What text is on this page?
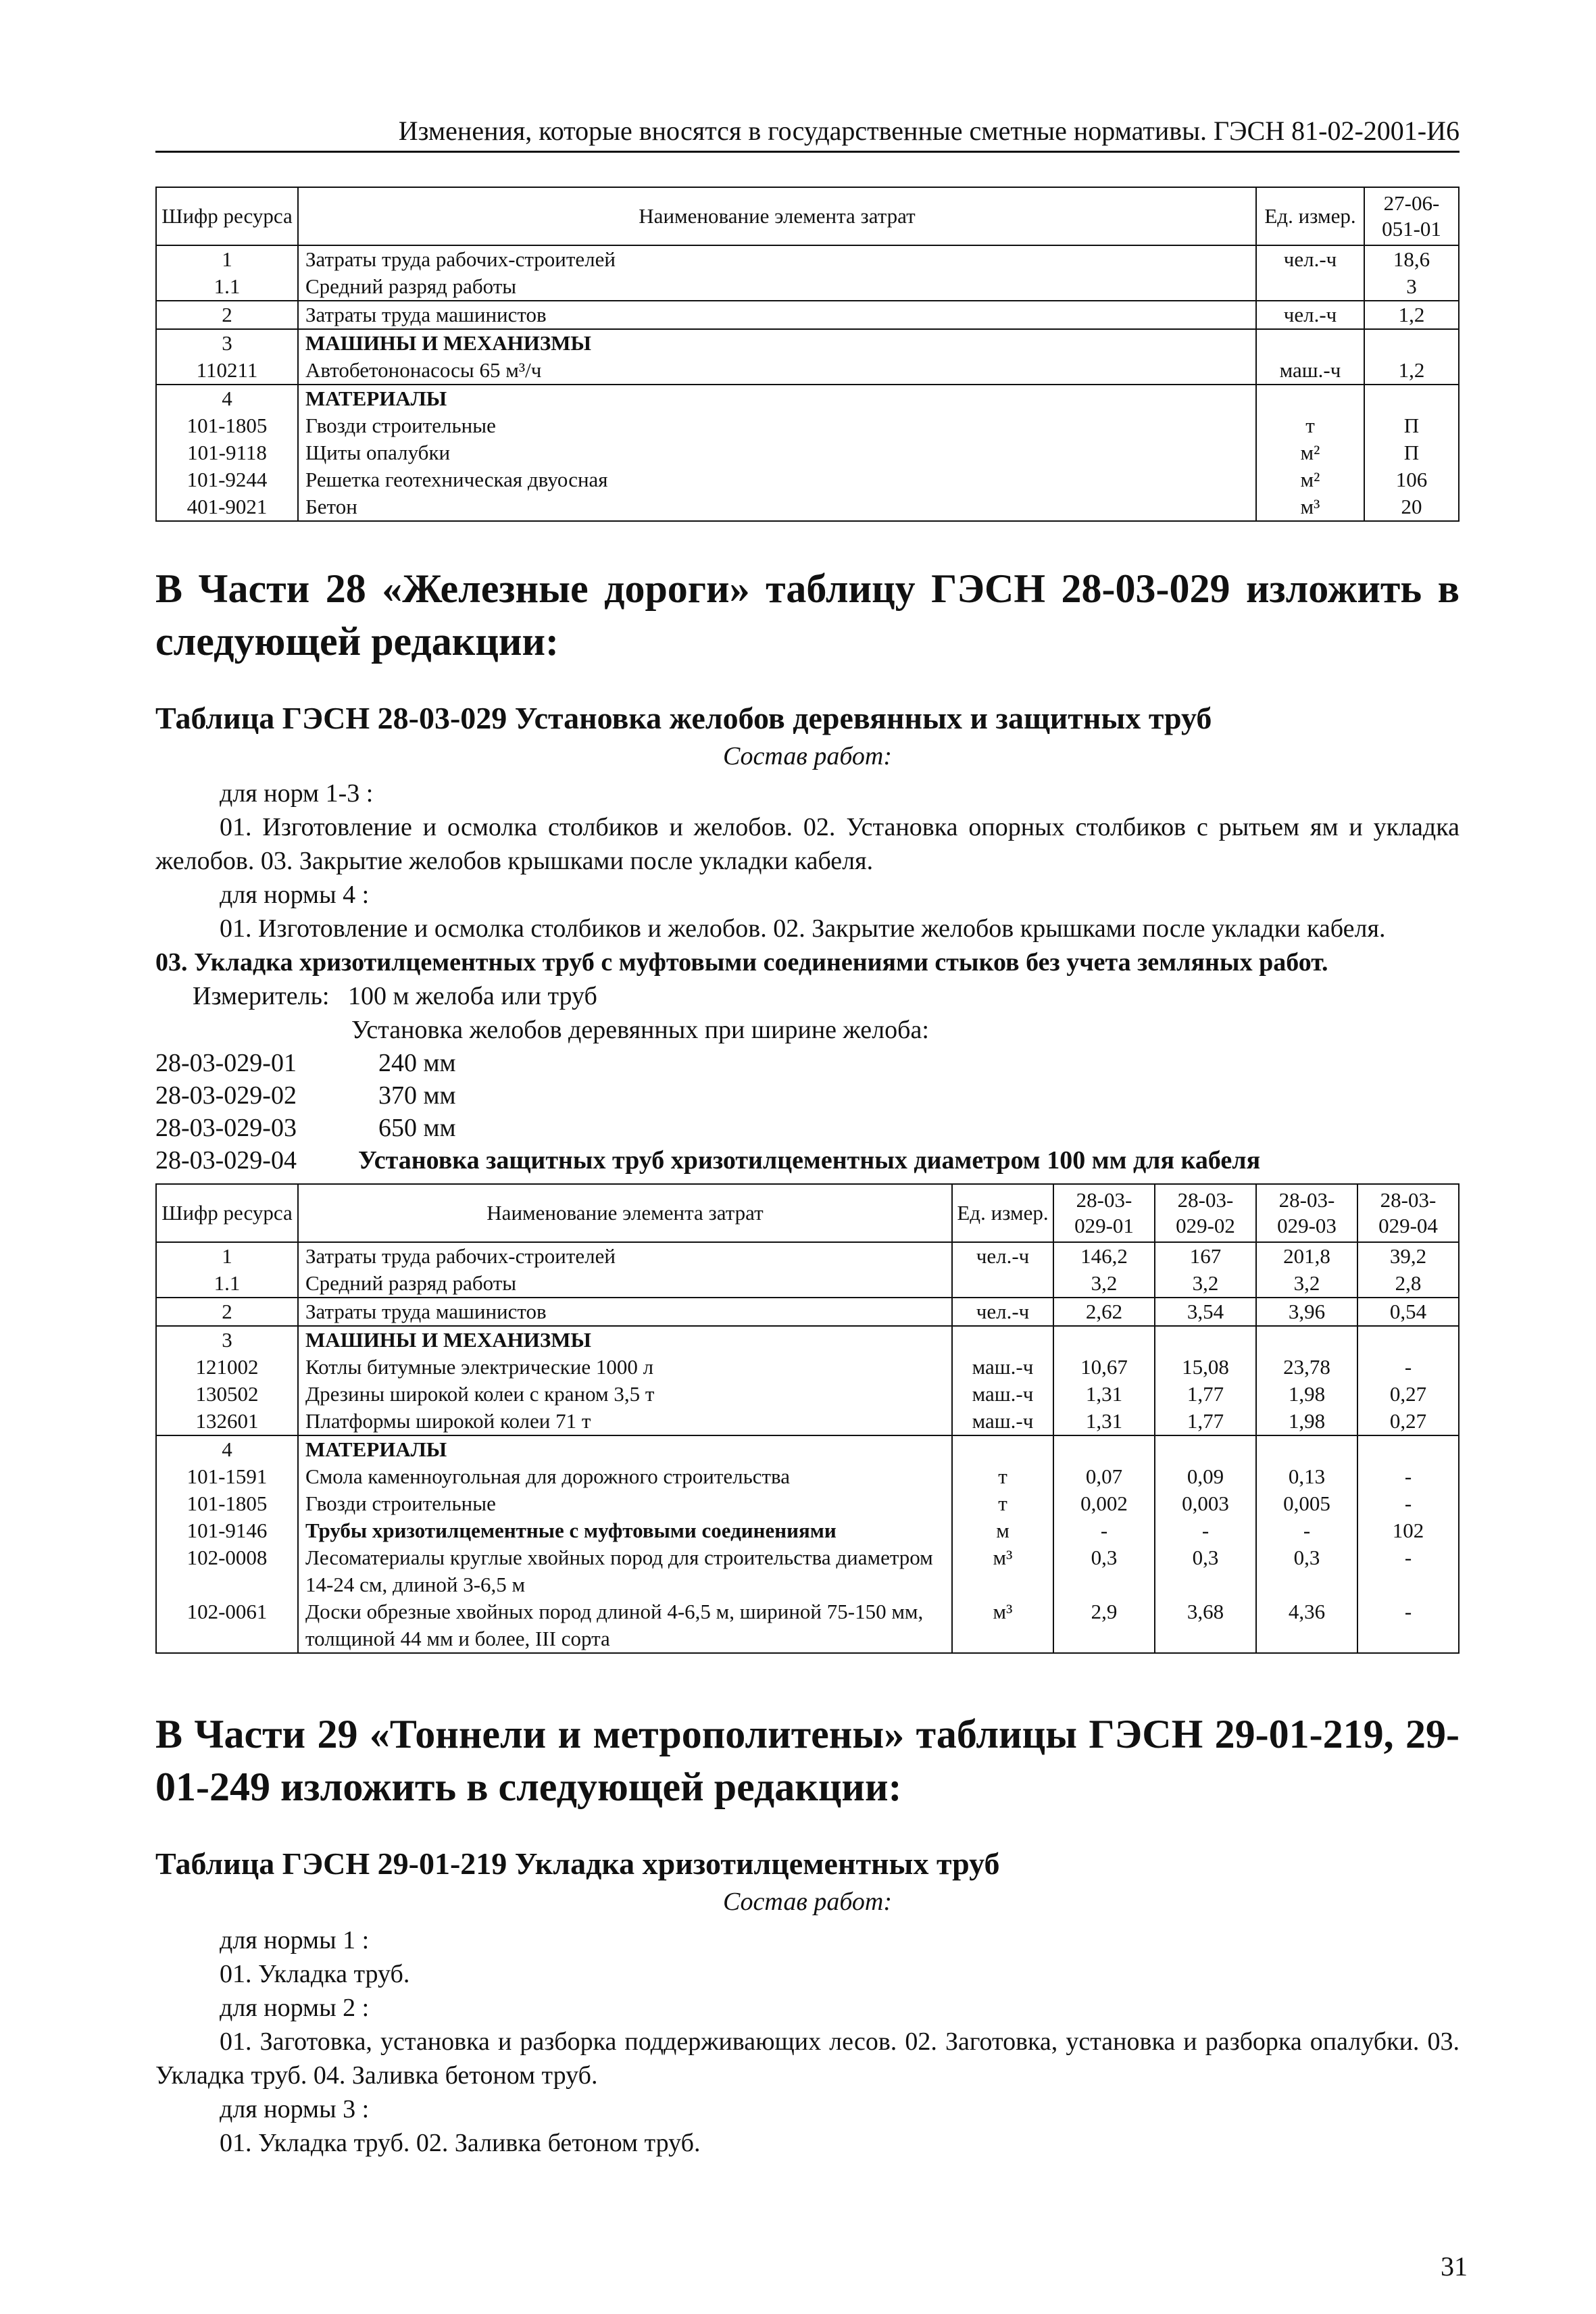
Изменения, которые вносятся в государственные сметные нормативы. ГЭСН 81-02-2001-И6
Шифр ресурса	Наименование элемента затрат	Ед. измер.	27-06-051-01
1	Затраты труда рабочих-строителей	чел.-ч	18,6
1.1	Средний разряд работы		3
2	Затраты труда машинистов	чел.-ч	1,2
3	МАШИНЫ И МЕХАНИЗМЫ		
110211	Автобетононасосы 65 м³/ч	маш.-ч	1,2
4	МАТЕРИАЛЫ		
101-1805	Гвозди строительные	т	П
101-9118	Щиты опалубки	м²	П
101-9244	Решетка геотехническая двуосная	м²	106
401-9021	Бетон	м³	20
В Части 28 «Железные дороги» таблицу ГЭСН 28-03-029 изложить в следующей редакции:
Таблица ГЭСН 28-03-029 Установка желобов деревянных и защитных труб
Состав работ:
для норм 1-3 :
01. Изготовление и осмолка столбиков и желобов. 02. Установка опорных столбиков с рытьем ям и укладка желобов. 03. Закрытие желобов крышками после укладки кабеля.
для нормы 4 :
01. Изготовление и осмолка столбиков и желобов. 02. Закрытие желобов крышками после укладки кабеля.
03. Укладка хризотилцементных труб с муфтовыми соединениями стыков без учета земляных работ.
Измеритель: 100 м желоба или труб
Установка желобов деревянных при ширине желоба:
28-03-029-01	240 мм
28-03-029-02	370 мм
28-03-029-03	650 мм
28-03-029-04	Установка защитных труб хризотилцементных диаметром 100 мм для кабеля
Шифр ресурса	Наименование элемента затрат	Ед. измер.	28-03-029-01	28-03-029-02	28-03-029-03	28-03-029-04
1	Затраты труда рабочих-строителей	чел.-ч	146,2	167	201,8	39,2
1.1	Средний разряд работы		3,2	3,2	3,2	2,8
2	Затраты труда машинистов	чел.-ч	2,62	3,54	3,96	0,54
3	МАШИНЫ И МЕХАНИЗМЫ					
121002	Котлы битумные электрические 1000 л	маш.-ч	10,67	15,08	23,78	-
130502	Дрезины широкой колеи с краном 3,5 т	маш.-ч	1,31	1,77	1,98	0,27
132601	Платформы широкой колеи 71 т	маш.-ч	1,31	1,77	1,98	0,27
4	МАТЕРИАЛЫ					
101-1591	Смола каменноугольная для дорожного строительства	т	0,07	0,09	0,13	-
101-1805	Гвозди строительные	т	0,002	0,003	0,005	-
101-9146	Трубы хризотилцементные с муфтовыми соединениями	м	-	-	-	102
102-0008	Лесоматериалы круглые хвойных пород для строительства диаметром 14-24 см, длиной 3-6,5 м	м³	0,3	0,3	0,3	-
102-0061	Доски обрезные хвойных пород длиной 4-6,5 м, шириной 75-150 мм, толщиной 44 мм и более, III сорта	м³	2,9	3,68	4,36	-
В Части 29 «Тоннели и метрополитены» таблицы ГЭСН 29-01-219, 29-01-249 изложить в следующей редакции:
Таблица ГЭСН 29-01-219 Укладка хризотилцементных труб
Состав работ:
для нормы 1 :
01. Укладка труб.
для нормы 2 :
01. Заготовка, установка и разборка поддерживающих лесов. 02. Заготовка, установка и разборка опалубки. 03. Укладка труб. 04. Заливка бетоном труб.
для нормы 3 :
01. Укладка труб. 02. Заливка бетоном труб.
31
